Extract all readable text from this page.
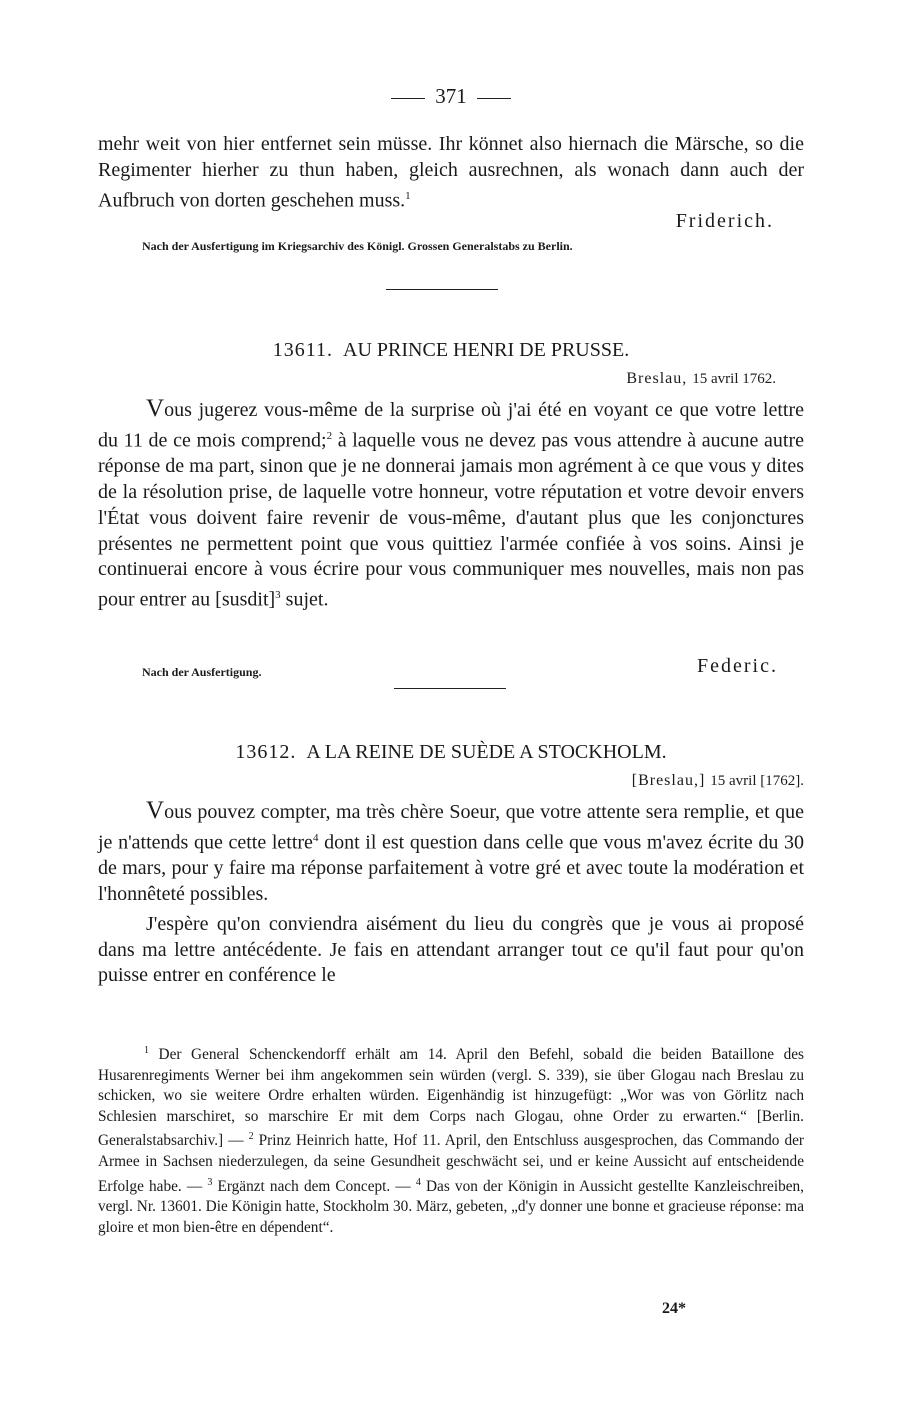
371

mehr weit von hier entfernet sein müsse. Ihr könnet also hiernach die Märsche, so die Regimenter hierher zu thun haben, gleich ausrechnen, als wonach dann auch der Aufbruch von dorten geschehen muss.$^1$

Friderich.
Nach der Ausfertigung im Kriegsarchiv des Königl. Grossen Generalstabs zu Berlin.
13611. AU PRINCE HENRI DE PRUSSE.
Breslau, 15 avril 1762.

Vous jugerez vous-même de la surprise où j'ai été en voyant ce que votre lettre du 11 de ce mois comprend;$^2$ à laquelle vous ne devez pas vous attendre à aucune autre réponse de ma part, sinon que je ne donnerai jamais mon agrément à ce que vous y dites de la résolution prise, de laquelle votre honneur, votre réputation et votre devoir envers l'État vous doivent faire revenir de vous-même, d'autant plus que les conjonctures présentes ne permettent point que vous quittiez l'armée confiée à vos soins. Ainsi je continuerai encore à vous écrire pour vous communiquer mes nouvelles, mais non pas pour entrer au [susdit]$^3$ sujet.

Nach der Ausfertigung.	Federic.
13612. A LA REINE DE SUÈDE A STOCKHOLM.
[Breslau,] 15 avril [1762].

Vous pouvez compter, ma très chère Soeur, que votre attente sera remplie, et que je n'attends que cette lettre$^4$ dont il est question dans celle que vous m'avez écrite du 30 de mars, pour y faire ma réponse parfaitement à votre gré et avec toute la modération et l'honnêteté possibles.

J'espère qu'on conviendra aisément du lieu du congrès que je vous ai proposé dans ma lettre antécédente. Je fais en attendant arranger tout ce qu'il faut pour qu'on puisse entrer en conférence le

$^1$ Der General Schenckendorff erhält am 14. April den Befehl, sobald die beiden Bataillone des Husarenregiments Werner bei ihm angekommen sein würden (vergl. S. 339), sie über Glogau nach Breslau zu schicken, wo sie weitere Ordre erhalten würden. Eigenhändig ist hinzugefügt: „Wor was von Görlitz nach Schlesien marschiret, so marschire Er mit dem Corps nach Glogau, ohne Order zu erwarten.“ [Berlin. Generalstabsarchiv.] — $^2$ Prinz Heinrich hatte, Hof 11. April, den Entschluss ausgesprochen, das Commando der Armee in Sachsen niederzulegen, da seine Gesundheit geschwächt sei, und er keine Aussicht auf entscheidende Erfolge habe. — $^3$ Ergänzt nach dem Concept. — $^4$ Das von der Königin in Aussicht gestellte Kanzleischreiben, vergl. Nr. 13601. Die Königin hatte, Stockholm 30. März, gebeten, „d'y donner une bonne et gracieuse réponse: ma gloire et mon bien-être en dépendent“.

24*
